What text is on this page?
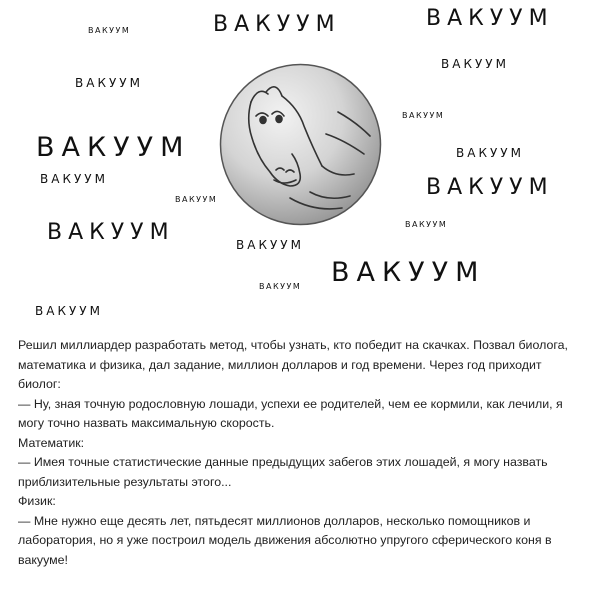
ВАКУУМ	ВАКУУМ	ВАКУУМ
ВАКУУМ
ВАКУУМ
ВАКУУМ
ВАКУУМ	ВАКУУМ
ВАКУУМ	ВАКУУМ
ВАКУУМ
ВАКУУМ
ВАКУУМ	ВАКУУМ
ВАКУУМ
ВАКУУМ
ВАКУУМ

Решил миллиардер разработать метод, чтобы узнать, кто победит на скачках. Позвал биолога, математика и физика, дал задание, миллион долларов и год времени. Через год приходит биолог:

— Ну, зная точную родословную лошади, успехи ее родителей, чем ее кормили, как лечили, я могу точно назвать максимальную скорость.

Математик:

— Имея точные статистические данные предыдущих забегов этих лошадей, я могу назвать приблизительные результаты этого...

Физик:

— Мне нужно еще десять лет, пятьдесят миллионов долларов, несколько помощников и лаборатория, но я уже построил модель движения абсолютно упругого сферического коня в вакууме!
